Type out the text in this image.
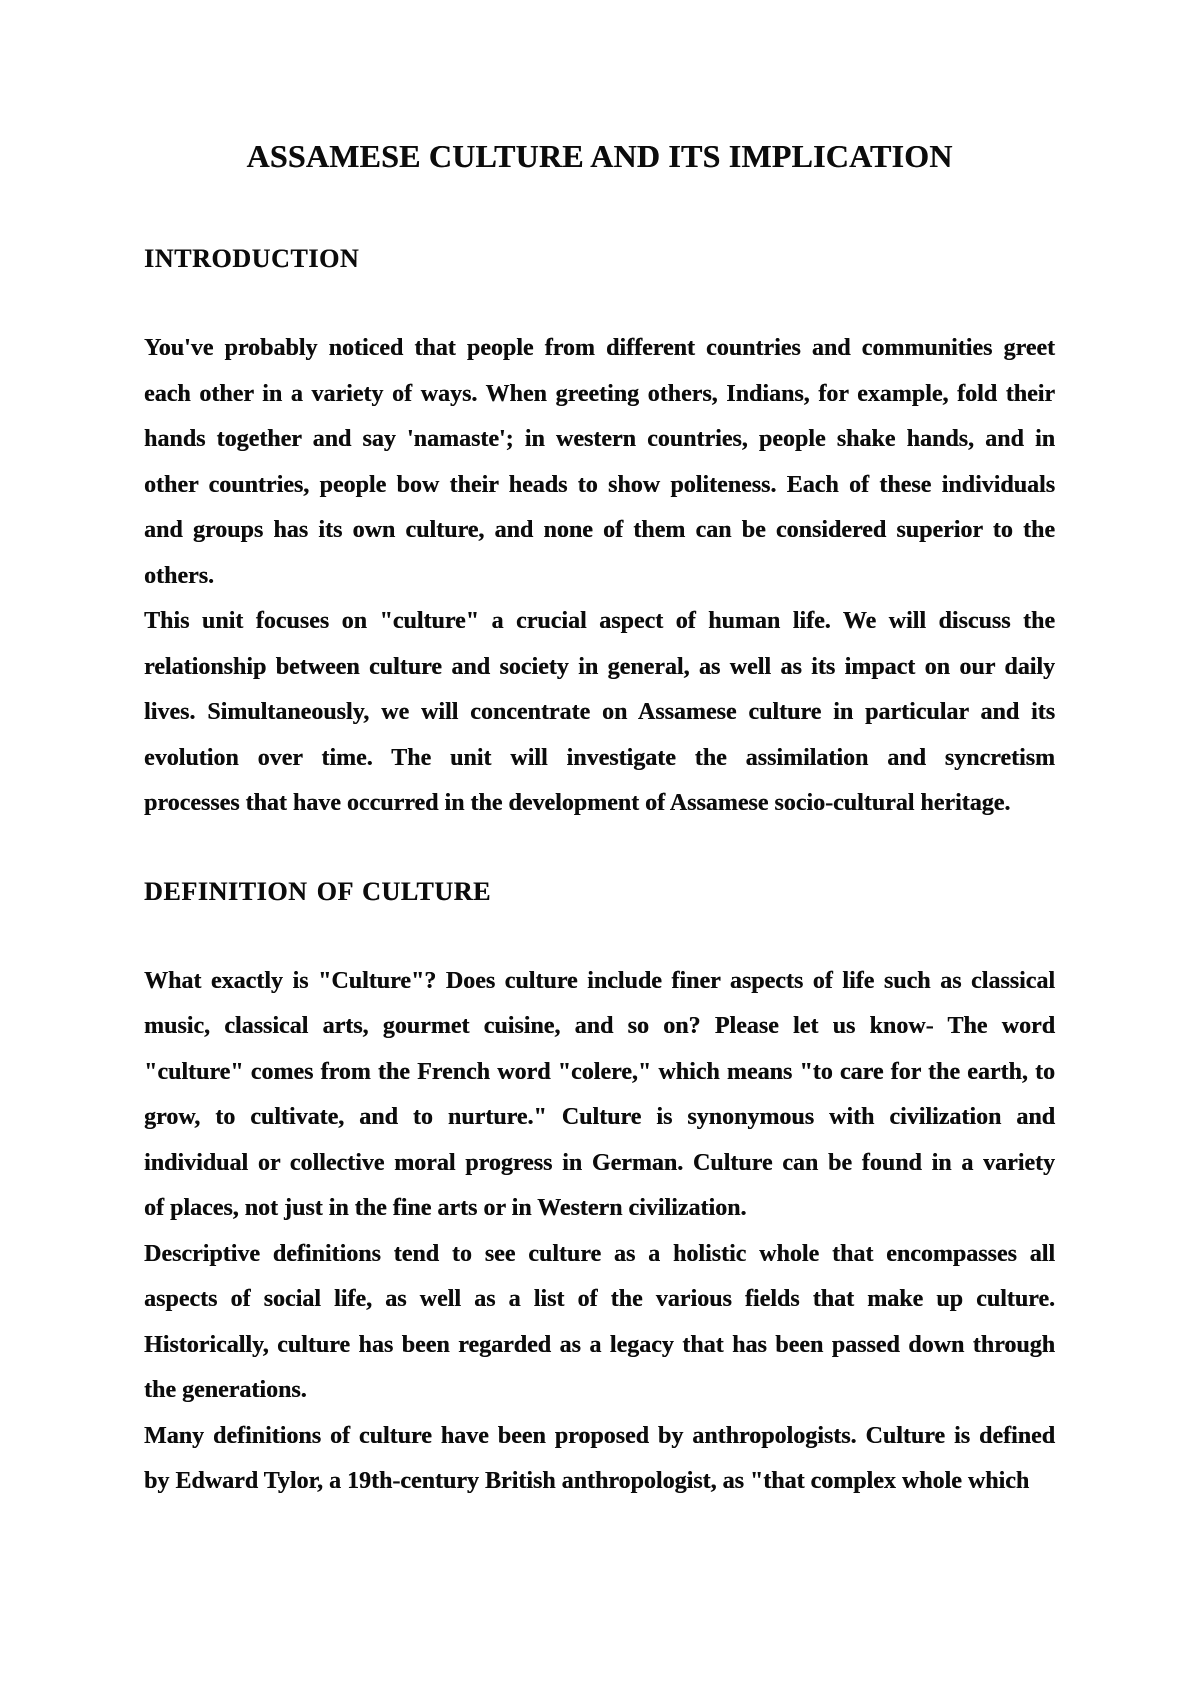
ASSAMESE CULTURE AND ITS IMPLICATION
INTRODUCTION
You've probably noticed that people from different countries and communities greet
each other in a variety of ways. When greeting others, Indians, for example, fold their
hands together and say 'namaste'; in western countries, people shake hands, and in
other countries, people bow their heads to show politeness. Each of these individuals
and groups has its own culture, and none of them can be considered superior to the
others.
This unit focuses on "culture" a crucial aspect of human life. We will discuss the
relationship between culture and society in general, as well as its impact on our daily
lives. Simultaneously, we will concentrate on Assamese culture in particular and its
evolution over time. The unit will investigate the assimilation and syncretism
processes that have occurred in the development of Assamese socio-cultural heritage.
DEFINITION OF CULTURE
What exactly is "Culture"? Does culture include finer aspects of life such as classical
music, classical arts, gourmet cuisine, and so on? Please let us know- The word
"culture" comes from the French word "colere," which means "to care for the earth, to
grow, to cultivate, and to nurture." Culture is synonymous with civilization and
individual or collective moral progress in German. Culture can be found in a variety
of places, not just in the fine arts or in Western civilization.
Descriptive definitions tend to see culture as a holistic whole that encompasses all
aspects of social life, as well as a list of the various fields that make up culture.
Historically, culture has been regarded as a legacy that has been passed down through
the generations.
Many definitions of culture have been proposed by anthropologists. Culture is defined
by Edward Tylor, a 19th-century British anthropologist, as "that complex whole which
